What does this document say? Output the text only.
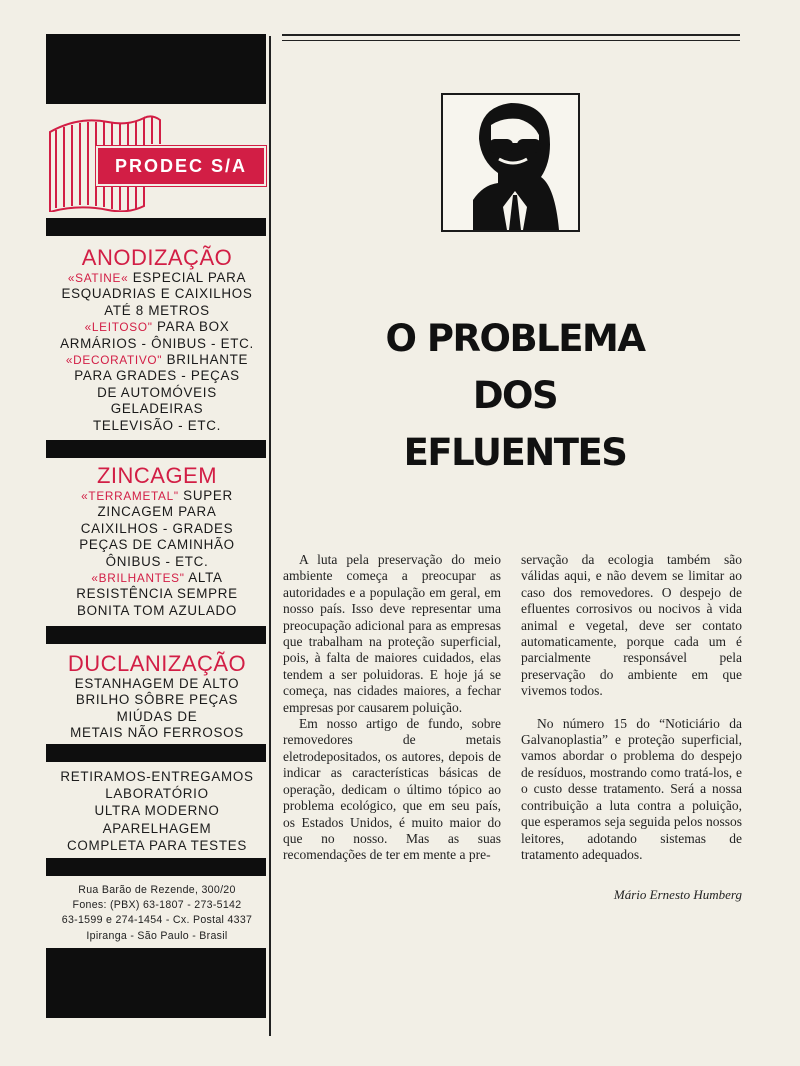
PRODEC S/A
ANODIZAÇÃO
«SATINE« ESPECIAL PARA
ESQUADRIAS E CAIXILHOS
ATÉ 8 METROS
«LEITOSO" PARA BOX
ARMÁRIOS - ÔNIBUS - ETC.
«DECORATIVO" BRILHANTE
PARA GRADES - PEÇAS
DE AUTOMÓVEIS
GELADEIRAS
TELEVISÃO - ETC.
ZINCAGEM
«TERRAMETAL" SUPER
ZINCAGEM PARA
CAIXILHOS - GRADES
PEÇAS DE CAMINHÃO
ÔNIBUS - ETC.
«BRILHANTES" ALTA
RESISTÊNCIA SEMPRE
BONITA TOM AZULADO
DUCLANIZAÇÃO
ESTANHAGEM DE ALTO
BRILHO SÔBRE PEÇAS
MIÚDAS DE
METAIS NÃO FERROSOS
RETIRAMOS-ENTREGAMOS
LABORATÓRIO
ULTRA MODERNO
APARELHAGEM
COMPLETA PARA TESTES
Rua Barão de Rezende, 300/20
Fones: (PBX) 63-1807 - 273-5142
63-1599 e 274-1454 - Cx. Postal 4337
Ipiranga - São Paulo - Brasil
O PROBLEMA
DOS
EFLUENTES

A luta pela preservação do meio ambiente começa a preocupar as autoridades e a população em geral, em nosso país. Isso deve representar uma preocupação adicional para as empresas que trabalham na proteção superficial, pois, à falta de maiores cuidados, elas tendem a ser poluidoras. E hoje já se começa, nas cidades maiores, a fechar empresas por causarem poluição.

Em nosso artigo de fundo, sobre removedores de metais eletrodepositados, os autores, depois de indicar as características básicas de operação, dedicam o último tópico ao problema ecológico, que em seu país, os Estados Unidos, é muito maior do que no nosso. Mas as suas recomendações de ter em mente a pre-

servação da ecologia também são válidas aqui, e não devem se limitar ao caso dos removedores. O despejo de efluentes corrosivos ou nocivos à vida animal e vegetal, deve ser contato automaticamente, porque cada um é parcialmente responsável pela preservação do ambiente em que vivemos todos.

No número 15 do “Noticiário da Galvanoplastia” e proteção superficial, vamos abordar o problema do despejo de resíduos, mostrando como tratá-los, e o custo desse tratamento. Será a nossa contribuição a luta contra a poluição, que esperamos seja seguida pelos nossos leitores, adotando sistemas de tratamento adequados.

Mário Ernesto Humberg
